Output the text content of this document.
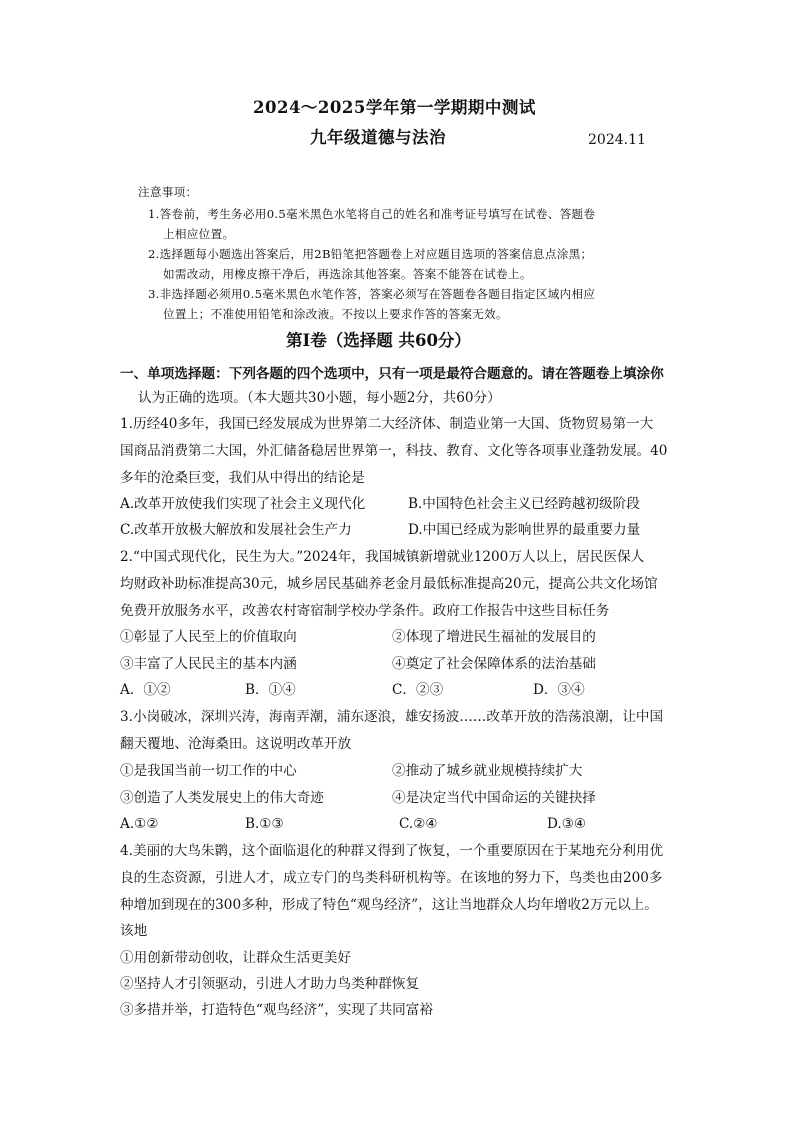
2024～2025学年第一学期期中测试
九年级道德与法治	2024.11
注意事项：
1.答卷前，考生务必用0.5毫米黑色水笔将自己的姓名和准考证号填写在试卷、答题卷
上相应位置。
2.选择题每小题选出答案后，用2B铅笔把答题卷上对应题目选项的答案信息点涂黑；
如需改动，用橡皮擦干净后，再选涂其他答案。答案不能答在试卷上。
3.非选择题必须用0.5毫米黑色水笔作答，答案必须写在答题卷各题目指定区域内相应
位置上；不准使用铅笔和涂改液。不按以上要求作答的答案无效。
第Ⅰ卷（选择题 共60分）
一、单项选择题：下列各题的四个选项中，只有一项是最符合题意的。请在答题卷上填涂你
认为正确的选项。（本大题共30小题，每小题2分，共60分）
1.历经40多年，我国已经发展成为世界第二大经济体、制造业第一大国、货物贸易第一大
国商品消费第二大国，外汇储备稳居世界第一，科技、教育、文化等各项事业蓬勃发展。40
多年的沧桑巨变，我们从中得出的结论是
A.改革开放使我们实现了社会主义现代化	B.中国特色社会主义已经跨越初级阶段
C.改革开放极大解放和发展社会生产力	D.中国已经成为影响世界的最重要力量
2.“中国式现代化，民生为大。”2024年，我国城镇新增就业1200万人以上，居民医保人
均财政补助标准提高30元，城乡居民基础养老金月最低标准提高20元，提高公共文化场馆
免费开放服务水平，改善农村寄宿制学校办学条件。政府工作报告中这些目标任务
①彰显了人民至上的价值取向	②体现了增进民生福祉的发展目的
③丰富了人民民主的基本内涵	④奠定了社会保障体系的法治基础
A．①②	B．①④	C．②③	D．③④
3.小岗破冰，深圳兴涛，海南弄潮，浦东逐浪，雄安扬波……改革开放的浩荡浪潮，让中国
翻天覆地、沧海桑田。这说明改革开放
①是我国当前一切工作的中心	②推动了城乡就业规模持续扩大
③创造了人类发展史上的伟大奇迹	④是决定当代中国命运的关键抉择
A.①②	B.①③	C.②④	D.③④
4.美丽的大鸟朱鹮，这个面临退化的种群又得到了恢复，一个重要原因在于某地充分利用优
良的生态资源，引进人才，成立专门的鸟类科研机构等。在该地的努力下，鸟类也由200多
种增加到现在的300多种，形成了特色“观鸟经济”，这让当地群众人均年增收2万元以上。
该地
①用创新带动创收，让群众生活更美好
②坚持人才引领驱动，引进人才助力鸟类种群恢复
③多措并举，打造特色“观鸟经济”，实现了共同富裕
